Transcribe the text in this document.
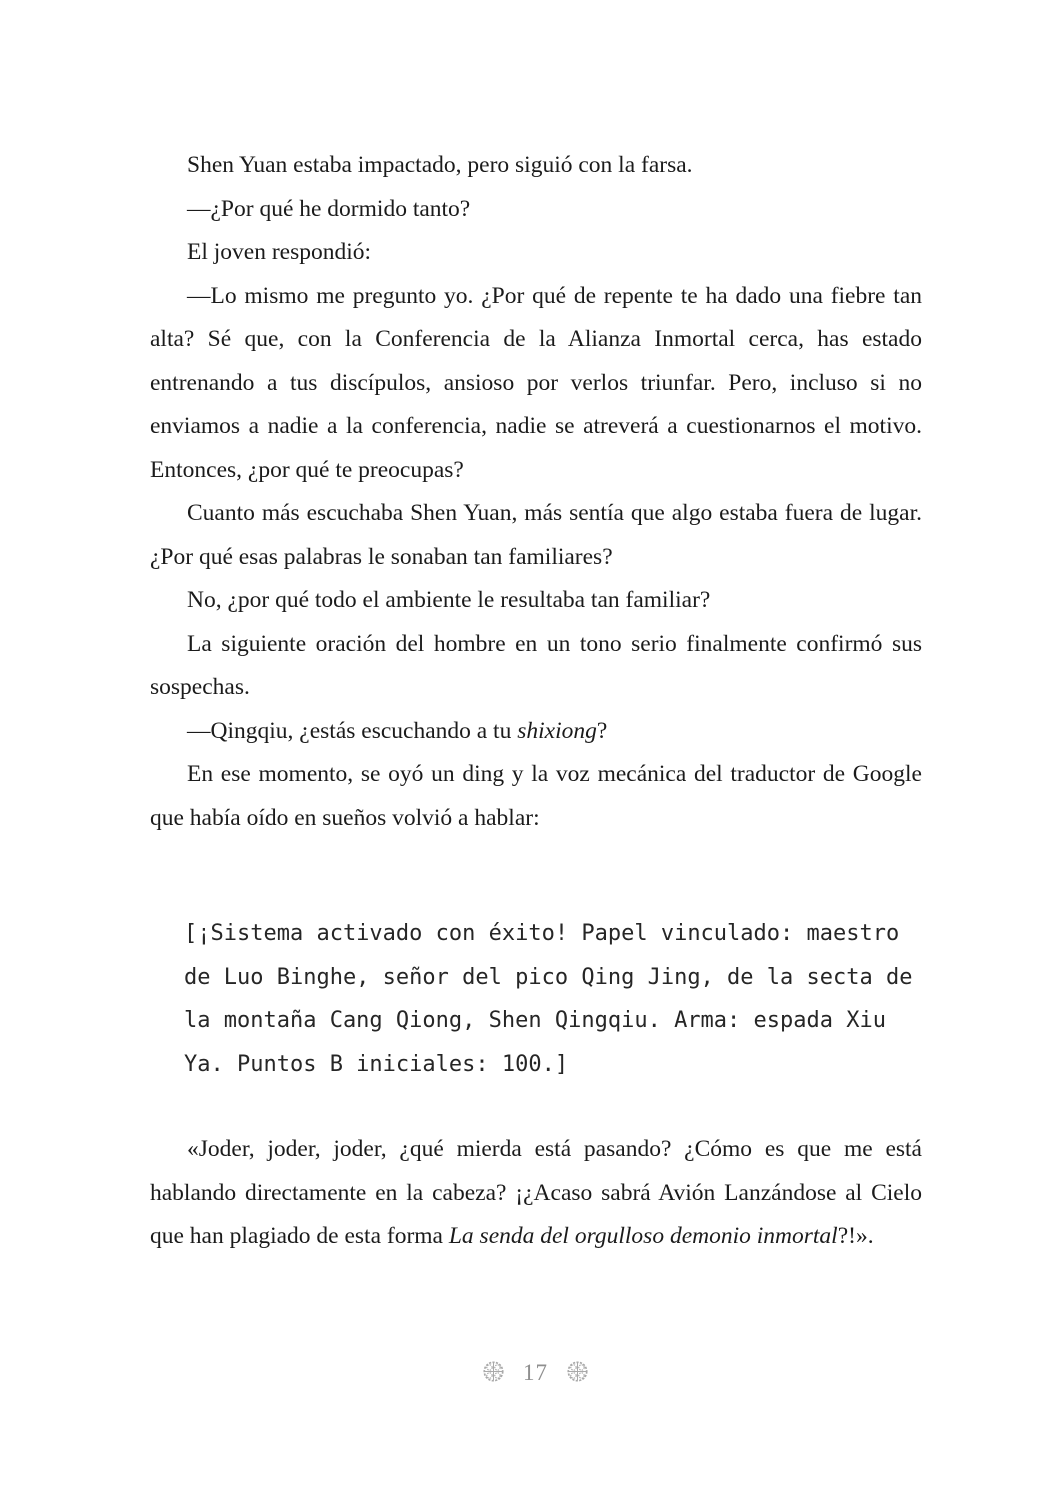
Shen Yuan estaba impactado, pero siguió con la farsa.

—¿Por qué he dormido tanto?

El joven respondió:

—Lo mismo me pregunto yo. ¿Por qué de repente te ha dado una fiebre tan alta? Sé que, con la Conferencia de la Alianza Inmortal cerca, has estado entrenando a tus discípulos, ansioso por verlos triunfar. Pero, incluso si no enviamos a nadie a la conferencia, nadie se atreverá a cuestionarnos el motivo. Entonces, ¿por qué te preocupas?

Cuanto más escuchaba Shen Yuan, más sentía que algo estaba fuera de lugar. ¿Por qué esas palabras le sonaban tan familiares?

No, ¿por qué todo el ambiente le resultaba tan familiar?

La siguiente oración del hombre en un tono serio finalmente confirmó sus sospechas.

—Qingqiu, ¿estás escuchando a tu shixiong?

En ese momento, se oyó un ding y la voz mecánica del traductor de Google que había oído en sueños volvió a hablar:

[¡Sistema activado con éxito! Papel vinculado: maestro
de Luo Binghe, señor del pico Qing Jing, de la secta de
la montaña Cang Qiong, Shen Qingqiu. Arma: espada Xiu
Ya. Puntos B iniciales: 100.]

«Joder, joder, joder, ¿qué mierda está pasando? ¿Cómo es que me está hablando directamente en la cabeza? ¡¿Acaso sabrá Avión Lanzándose al Cielo que han plagiado de esta forma La senda del orgulloso demonio inmortal?!».

17
